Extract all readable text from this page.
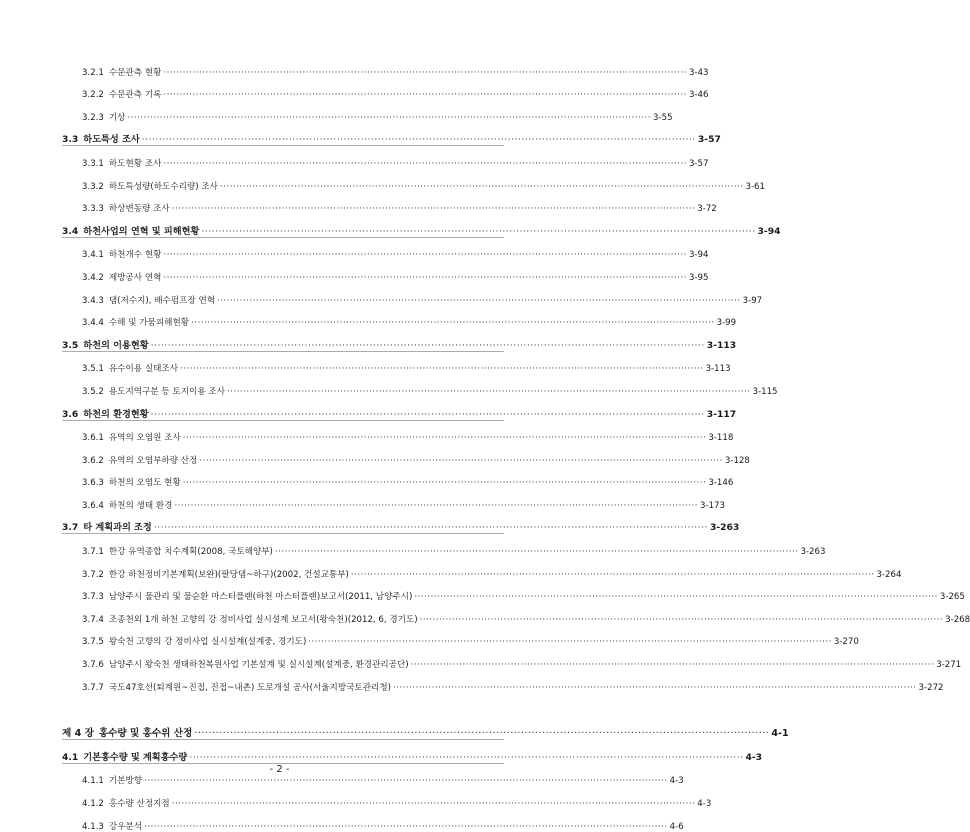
3.2.1 수문관측 현황 ·····	3-43
3.2.2 수문관측 기록 ·····	3-46
3.2.3 기상 ·····	3-55
3.3 하도특성 조사 ·····	3-57
3.3.1 하도현황 조사 ·····	3-57
3.3.2 하도특성량(하도수리량) 조사 ·····	3-61
3.3.3 하상변동량 조사 ·····	3-72
3.4 하천사업의 연혁 및 피해현황 ·····	3-94
3.4.1 하천개수 현황 ·····	3-94
3.4.2 제방공사 연혁 ·····	3-95
3.4.3 댐(저수지), 배수펌프장 연혁 ·····	3-97
3.4.4 수해 및 가뭄피해현황 ·····	3-99
3.5 하천의 이용현황 ·····	3-113
3.5.1 유수이용 실태조사 ·····	3-113
3.5.2 용도지역구분 등 토지이용 조사 ·····	3-115
3.6 하천의 환경현황 ·····	3-117
3.6.1 유역의 오염원 조사 ·····	3-118
3.6.2 유역의 오염부하량 산정 ·····	3-128
3.6.3 하천의 오염도 현황 ·····	3-146
3.6.4 하천의 생태 환경 ·····	3-173
3.7 타 계획과의 조정 ·····	3-263
3.7.1 한강 유역종합 치수계획(2008, 국토해양부) ·····	3-263
3.7.2 한강 하천정비기본계획(보완)(팔당댐~하구)(2002, 건설교통부) ·····	3-264
3.7.3 남양주시 물관리 및 물순환 마스터플랜(하천 마스터플랜)보고서(2011, 남양주시) ·····	3-265
3.7.4 조종천외 1개 하천 고향의 강 정비사업 실시설계 보고서(왕숙천)(2012, 6, 경기도) ·····	3-268
3.7.5 왕숙천 고향의 강 정비사업 실시설계(설계중, 경기도) ·····	3-270
3.7.6 남양주시 왕숙천 생태하천복원사업 기본설계 및 실시설계(설계중, 환경관리공단) ·····	3-271
3.7.7 국도47호선(퇴계원~진접, 진접~내촌) 도로개설 공사(서울지방국토관리청) ·····	3-272
제 4 장 홍수량 및 홍수위 산정 ·····	4-1
4.1 기본홍수량 및 계획홍수량 ·····	4-3
4.1.1 기본방향 ·····	4-3
4.1.2 홍수량 산정지점 ·····	4-3
4.1.3 강우분석 ·····	4-6
- 2 -
